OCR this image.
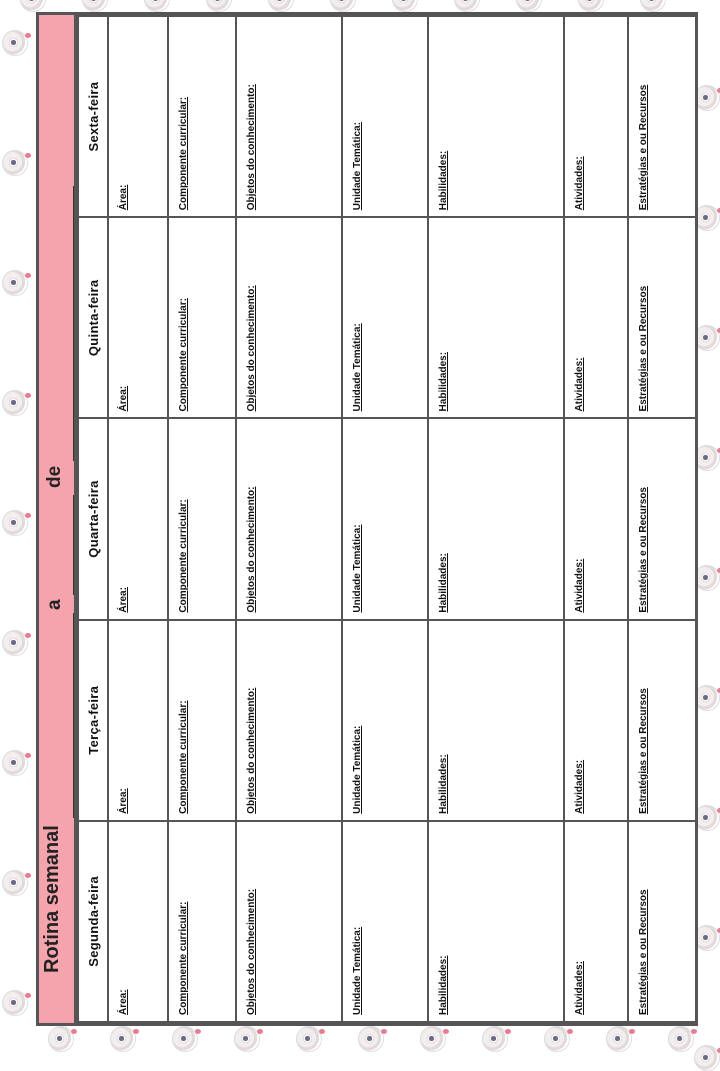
Rotina semanal
a
de
Segunda-feira	Terça-feira	Quarta-feira	Quinta-feira	Sexta-feira
Área:	Área:	Área:	Área:	Área:
Componente curricular:	Componente curricular:	Componente curricular:	Componente curricular:	Componente curricular:
Objetos do conhecimento:	Objetos do conhecimento:	Objetos do conhecimento:	Objetos do conhecimento:	Objetos do conhecimento:
Unidade Temática:	Unidade Temática:	Unidade Temática:	Unidade Temática:	Unidade Temática:
Habilidades:	Habilidades:	Habilidades:	Habilidades:	Habilidades:
Atividades:	Atividades:	Atividades:	Atividades:	Atividades:
Estratégias e ou Recursos	Estratégias e ou Recursos	Estratégias e ou Recursos	Estratégias e ou Recursos	Estratégias e ou Recursos
